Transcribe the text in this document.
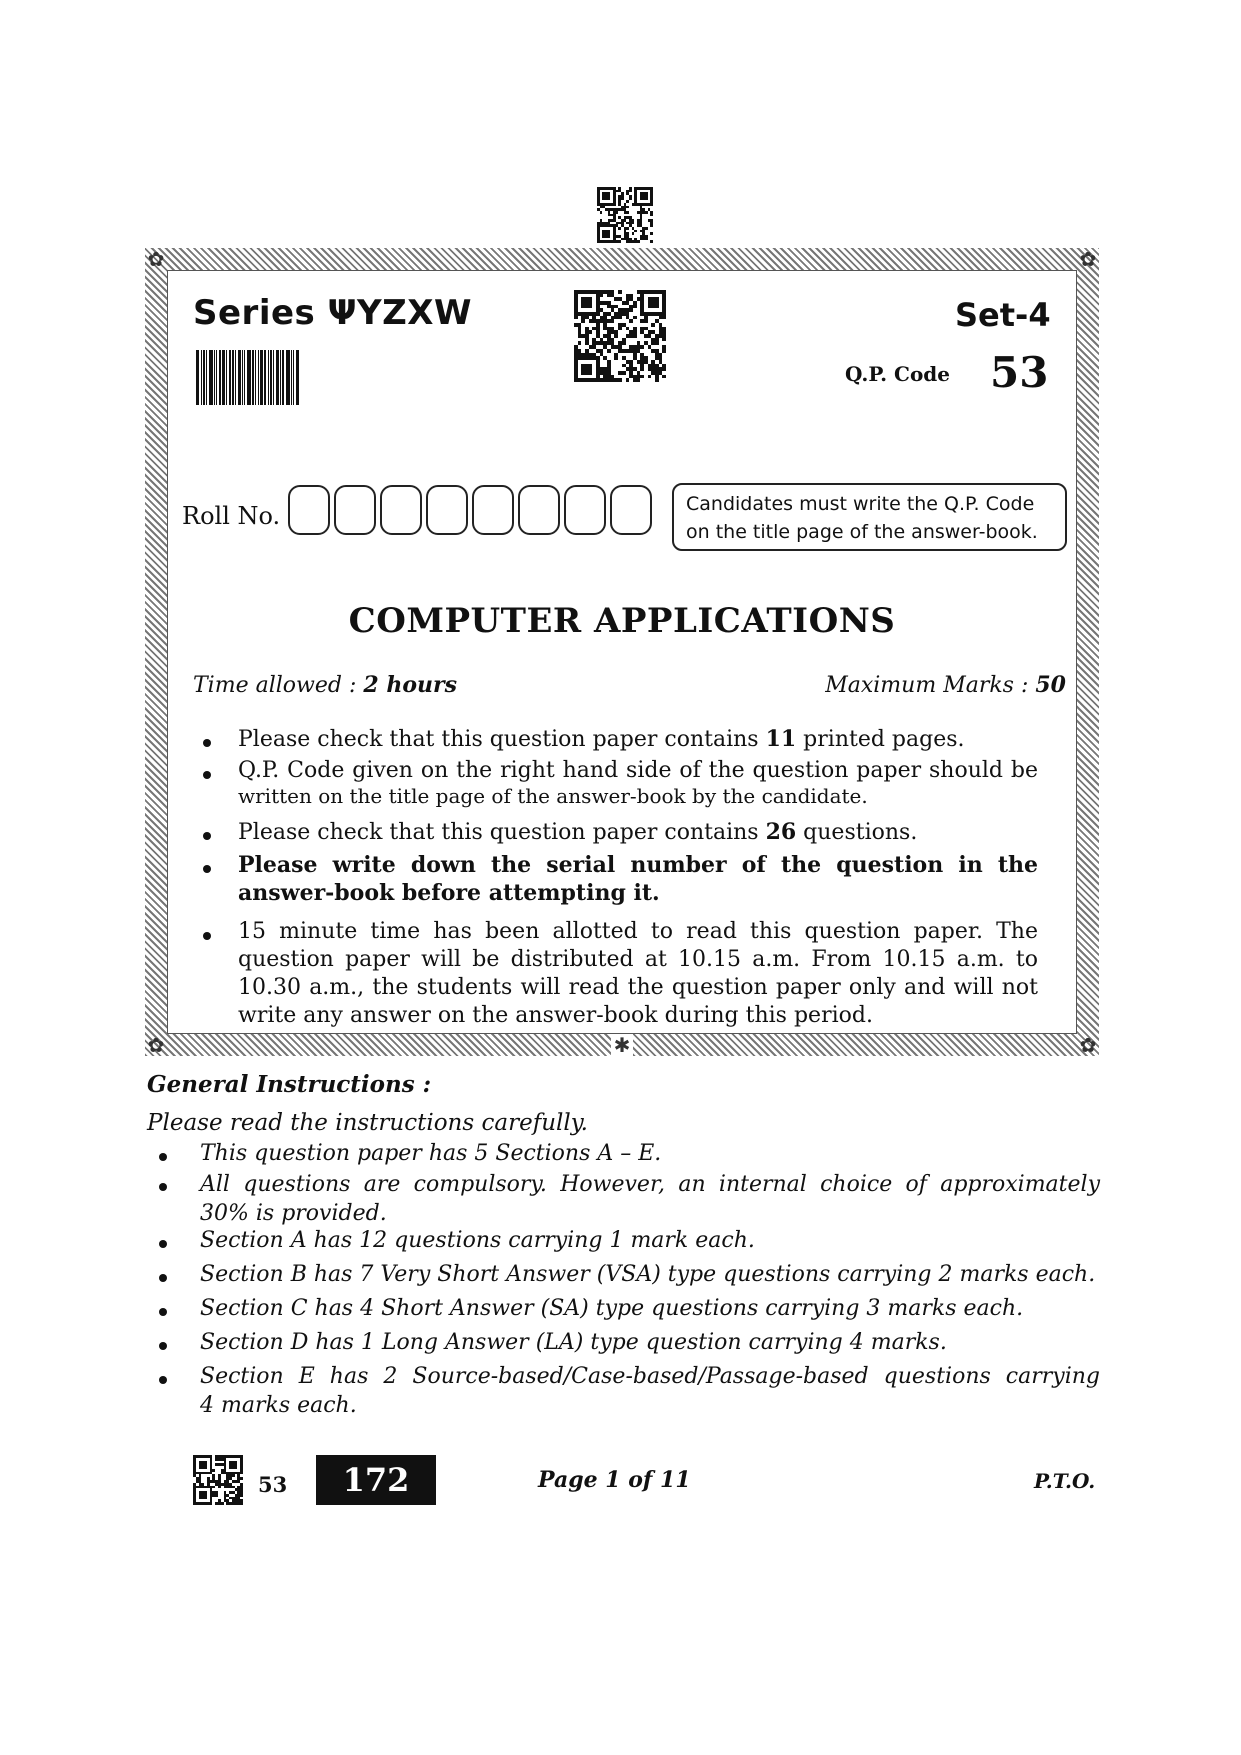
✿	✿
✿	✿
✱
Series ΨYZXW	Set-4
Q.P. Code 53
Roll No.	Candidates must write the Q.P. Code
on the title page of the answer-book.
COMPUTER APPLICATIONS
Time allowed : 2 hours	Maximum Marks : 50
Please check that this question paper contains 11 printed pages.
Q.P. Code given on the right hand side of the question paper should be
written on the title page of the answer-book by the candidate.
Please check that this question paper contains 26 questions.
Please write down the serial number of the question in the
answer-book before attempting it.
15 minute time has been allotted to read this question paper. The
question paper will be distributed at 10.15 a.m. From 10.15 a.m. to
10.30 a.m., the students will read the question paper only and will not
write any answer on the answer-book during this period.
General Instructions :
Please read the instructions carefully.
This question paper has 5 Sections A – E.
All questions are compulsory. However, an internal choice of approximately
30% is provided.
Section A has 12 questions carrying 1 mark each.
Section B has 7 Very Short Answer (VSA) type questions carrying 2 marks each.
Section C has 4 Short Answer (SA) type questions carrying 3 marks each.
Section D has 1 Long Answer (LA) type question carrying 4 marks.
Section E has 2 Source-based/Case-based/Passage-based questions carrying
4 marks each.
53	172	Page 1 of 11	P.T.O.
